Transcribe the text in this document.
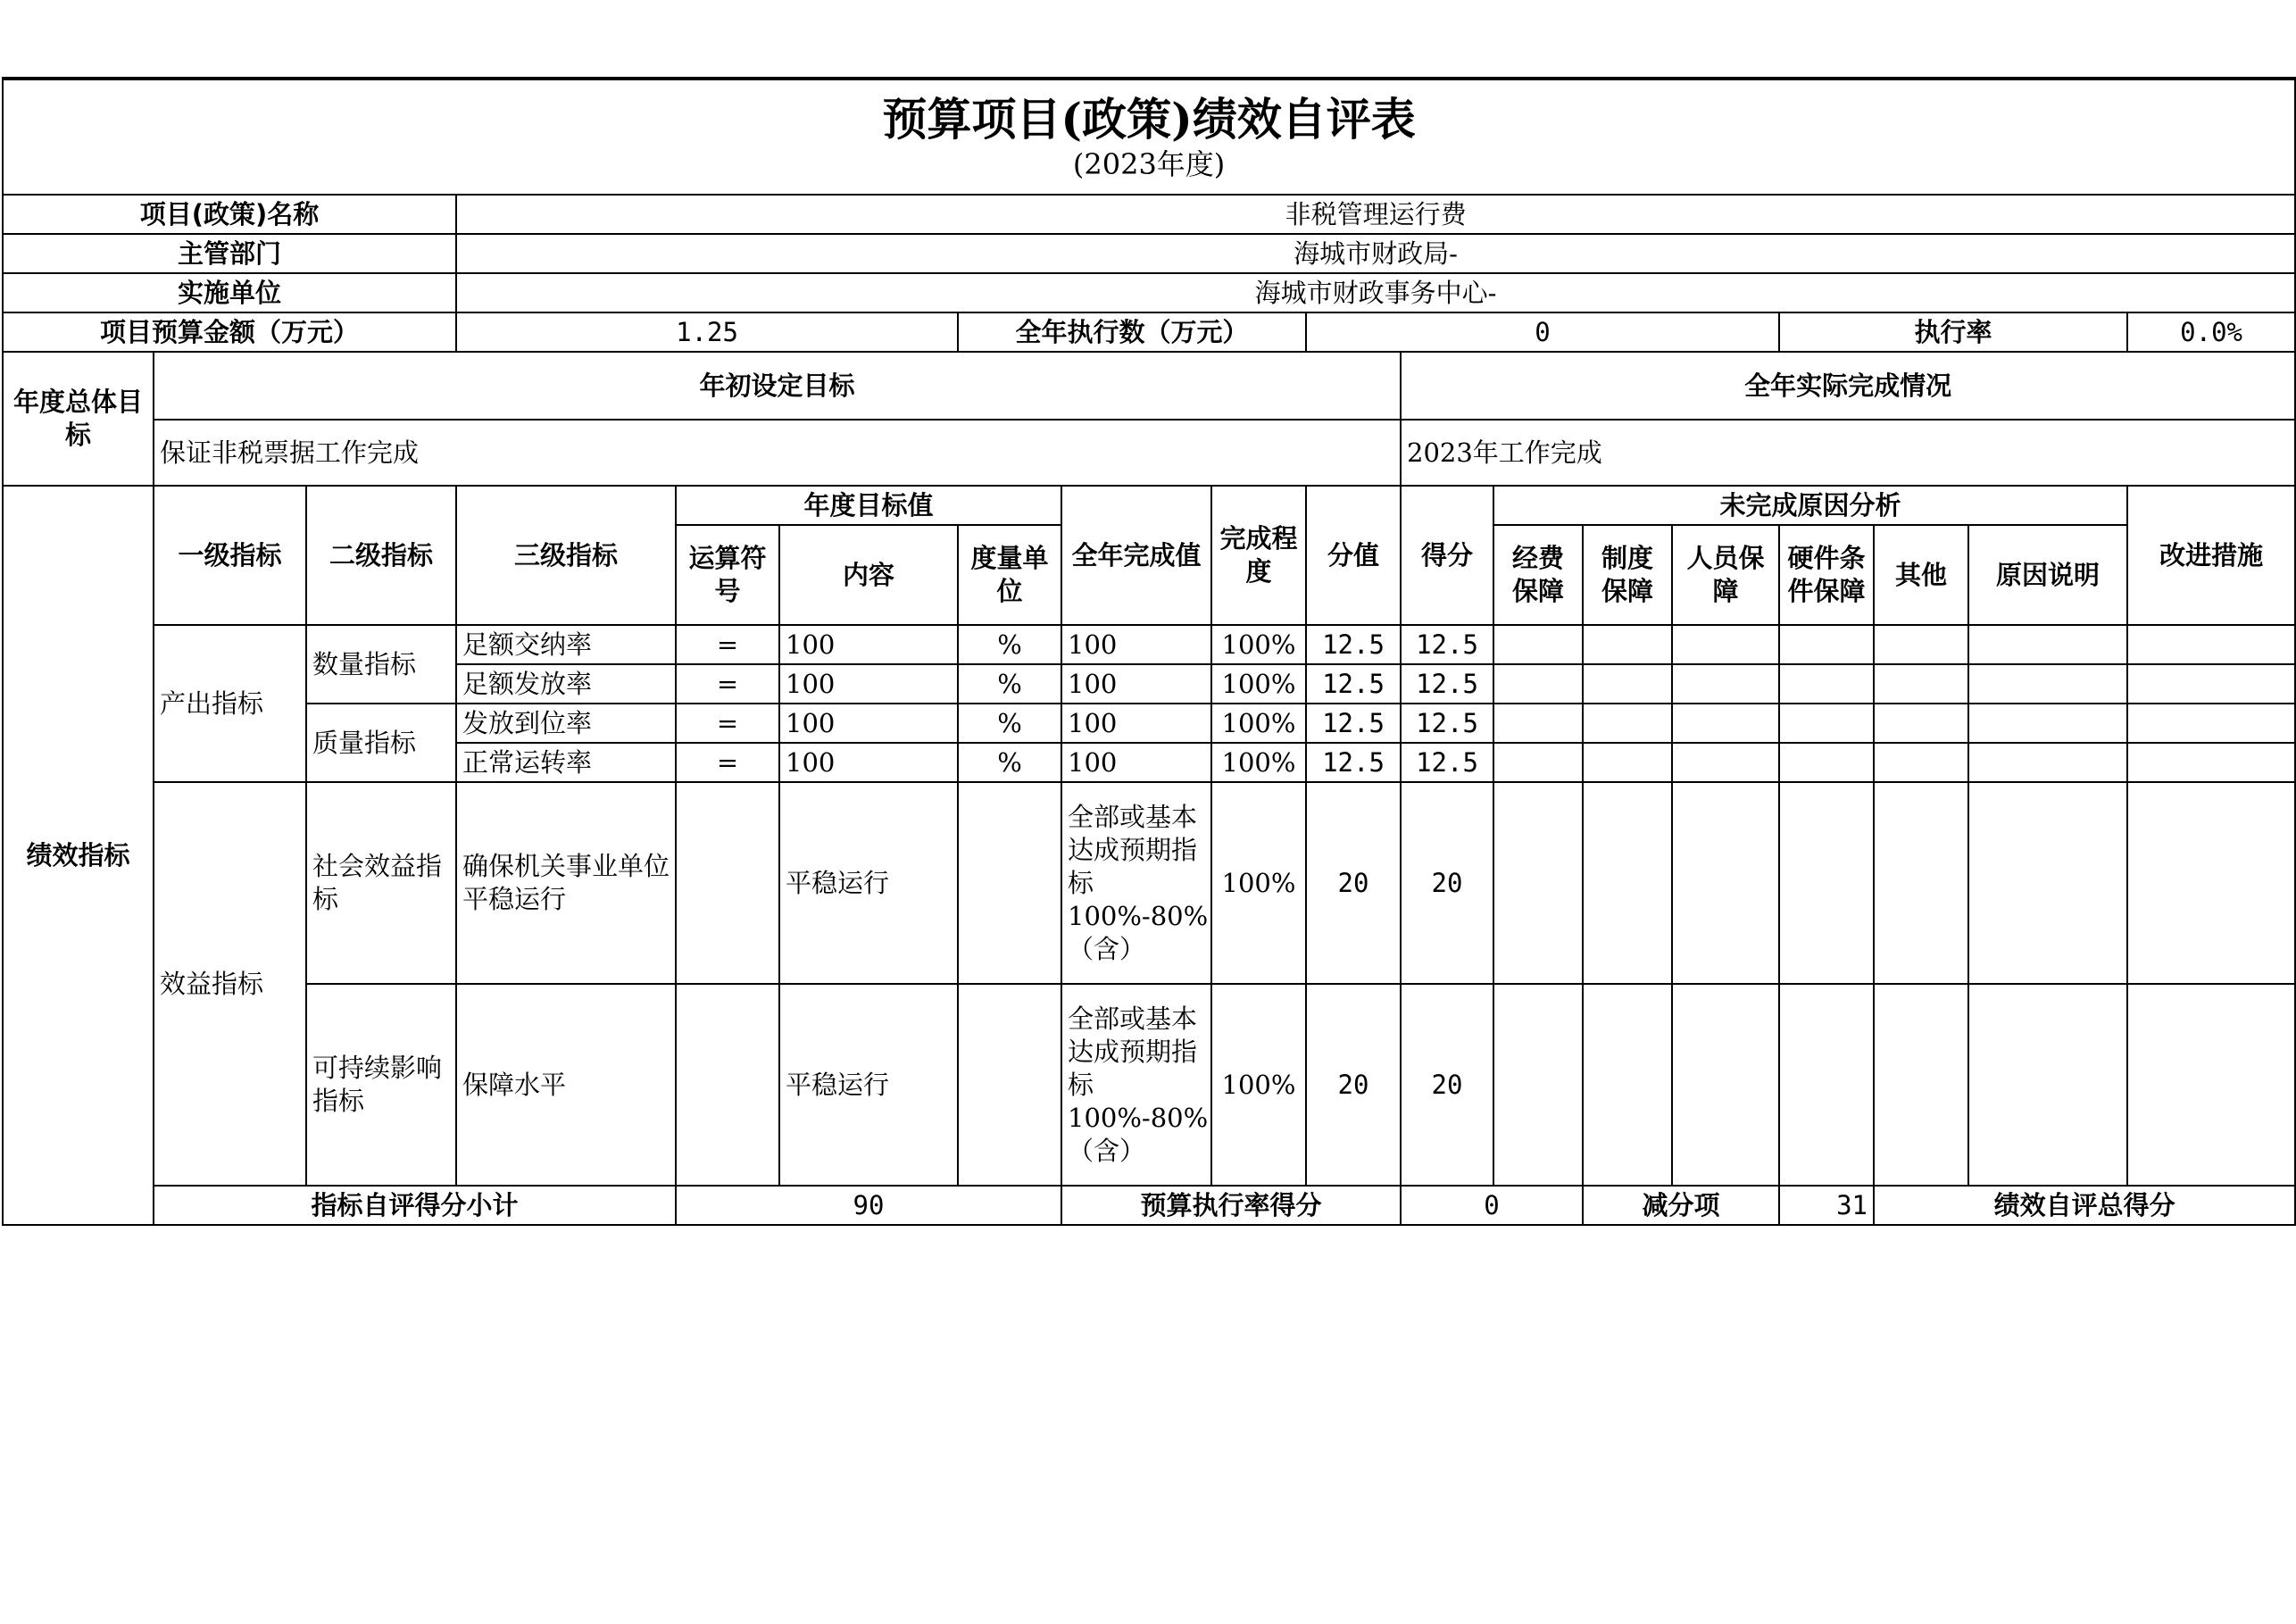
预算项目(政策)绩效自评表
(2023年度)																		

项目(政策)名称			非税管理运行费															
主管部门			海城市财政局-															
实施单位			海城市财政事务中心-															
项目预算金额（万元）			1.25			全年执行数（万元）			0					执行率			0.0%	
年度总体目标	年初设定目标									全年实际完成情况								
	保证非税票据工作完成									2023年工作完成								
绩效指标	一级指标	二级指标	三级指标	年度目标值			全年完成值	完成程度	分值	得分	未完成原因分析						改进措施	
				运算符号	内容	度量单位					经费保障	制度保障	人员保障	硬件条件保障	其他	原因说明		
	产出指标	数量指标	足额交纳率	=	100	%	100	100%	12.5	12.5								
			足额发放率	=	100	%	100	100%	12.5	12.5								
		质量指标	发放到位率	=	100	%	100	100%	12.5	12.5								
			正常运转率	=	100	%	100	100%	12.5	12.5								
	效益指标	社会效益指标	确保机关事业单位平稳运行		平稳运行		全部或基本达成预期指标100%-80%（含）	100%	20	20								
		可持续影响指标	保障水平		平稳运行		全部或基本达成预期指标100%-80%（含）	100%	20	20								
	指标自评得分小计			90			预算执行率得分			0		减分项		31	绩效自评总得分	
